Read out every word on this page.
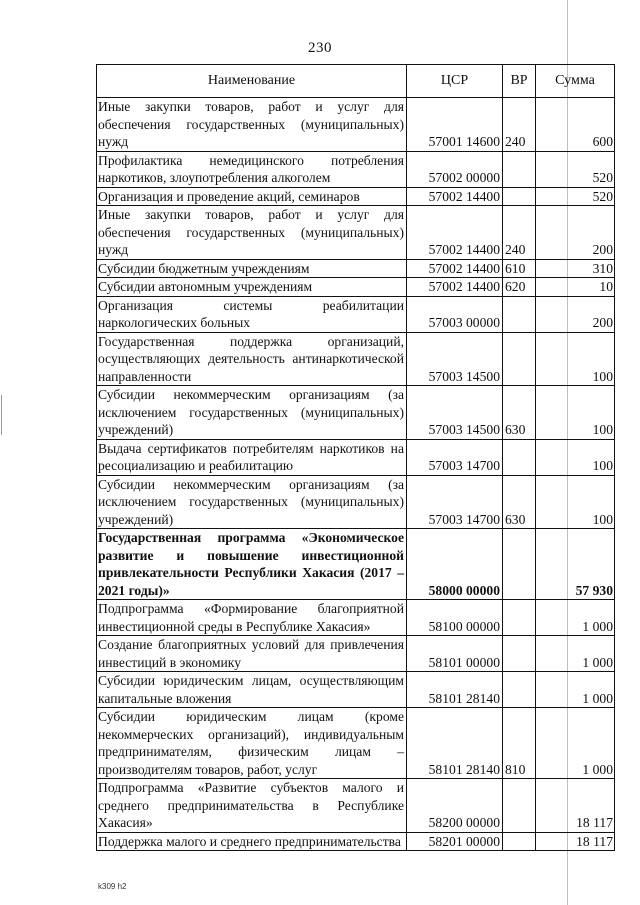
230
Наименование	ЦСР	ВР	Сумма
Иные закупки товаров, работ и услуг для обеспечения государственных (муниципальных) нужд	57001 14600	240	600
Профилактика немедицинского потребления наркотиков, злоупотребления алкоголем	57002 00000		520
Организация и проведение акций, семинаров	57002 14400		520
Иные закупки товаров, работ и услуг для обеспечения государственных (муниципальных) нужд	57002 14400	240	200
Субсидии бюджетным учреждениям	57002 14400	610	310
Субсидии автономным учреждениям	57002 14400	620	10
Организация системы реабилитации наркологических больных	57003 00000		200
Государственная поддержка организаций, осуществляющих деятельность антинаркотической направленности	57003 14500		100
Субсидии некоммерческим организациям (за исключением государственных (муниципальных) учреждений)	57003 14500	630	100
Выдача сертификатов потребителям наркотиков на ресоциализацию и реабилитацию	57003 14700		100
Субсидии некоммерческим организациям (за исключением государственных (муниципальных) учреждений)	57003 14700	630	100
Государственная программа «Экономическое развитие и повышение инвестиционной привлекательности Республики Хакасия (2017 – 2021 годы)»	58000 00000		57 930
Подпрограмма «Формирование благоприятной инвестиционной среды в Республике Хакасия»	58100 00000		1 000
Создание благоприятных условий для привлечения инвестиций в экономику	58101 00000		1 000
Субсидии юридическим лицам, осуществляющим капитальные вложения	58101 28140		1 000
Субсидии юридическим лицам (кроме некоммерческих организаций), индивидуальным предпринимателям, физическим лицам – производителям товаров, работ, услуг	58101 28140	810	1 000
Подпрограмма «Развитие субъектов малого и среднего предпринимательства в Республике Хакасия»	58200 00000		18 117
Поддержка малого и среднего предпринимательства	58201 00000		18 117
k309 h2
